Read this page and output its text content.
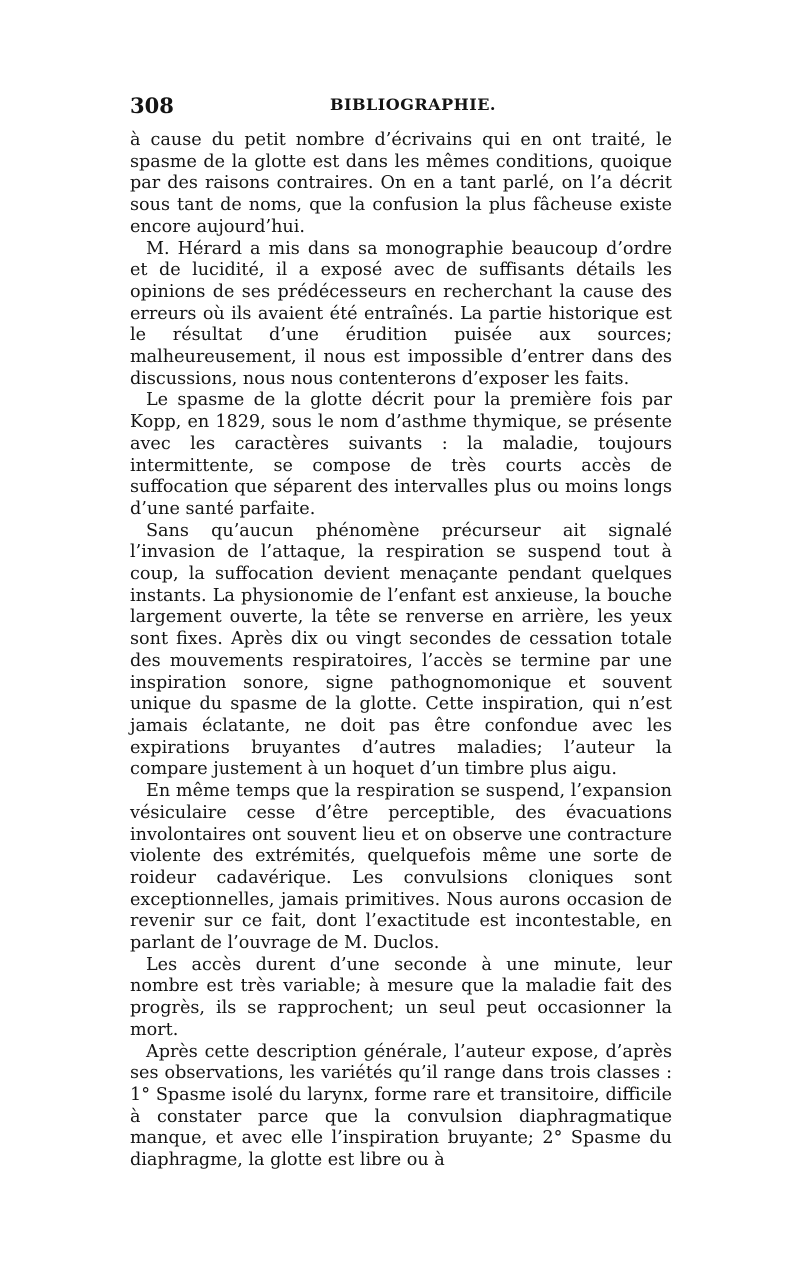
308	BIBLIOGRAPHIE.

à cause du petit nombre d’écrivains qui en ont traité, le spasme de la glotte est dans les mêmes conditions, quoique par des raisons contraires. On en a tant parlé, on l’a décrit sous tant de noms, que la confusion la plus fâcheuse existe encore aujourd’hui.

M. Hérard a mis dans sa monographie beaucoup d’ordre et de lucidité, il a exposé avec de suffisants détails les opinions de ses prédécesseurs en recherchant la cause des erreurs où ils avaient été entraînés. La partie historique est le résultat d’une érudition puisée aux sources; malheureusement, il nous est impossible d’entrer dans des discussions, nous nous contenterons d’exposer les faits.

Le spasme de la glotte décrit pour la première fois par Kopp, en 1829, sous le nom d’asthme thymique, se présente avec les caractères suivants : la maladie, toujours intermittente, se compose de très courts accès de suffocation que séparent des intervalles plus ou moins longs d’une santé parfaite.

Sans qu’aucun phénomène précurseur ait signalé l’invasion de l’attaque, la respiration se suspend tout à coup, la suffocation devient menaçante pendant quelques instants. La physionomie de l’enfant est anxieuse, la bouche largement ouverte, la tête se renverse en arrière, les yeux sont fixes. Après dix ou vingt secondes de cessation totale des mouvements respiratoires, l’accès se termine par une inspiration sonore, signe pathognomonique et souvent unique du spasme de la glotte. Cette inspiration, qui n’est jamais éclatante, ne doit pas être confondue avec les expirations bruyantes d’autres maladies; l’auteur la compare justement à un hoquet d’un timbre plus aigu.

En même temps que la respiration se suspend, l’expansion vésiculaire cesse d’être perceptible, des évacuations involontaires ont souvent lieu et on observe une contracture violente des extrémités, quelquefois même une sorte de roideur cadavérique. Les convulsions cloniques sont exceptionnelles, jamais primitives. Nous aurons occasion de revenir sur ce fait, dont l’exactitude est incontestable, en parlant de l’ouvrage de M. Duclos.

Les accès durent d’une seconde à une minute, leur nombre est très variable; à mesure que la maladie fait des progrès, ils se rapprochent; un seul peut occasionner la mort.

Après cette description générale, l’auteur expose, d’après ses observations, les variétés qu’il range dans trois classes : 1° Spasme isolé du larynx, forme rare et transitoire, difficile à constater parce que la convulsion diaphragmatique manque, et avec elle l’inspiration bruyante; 2° Spasme du diaphragme, la glotte est libre ou à
